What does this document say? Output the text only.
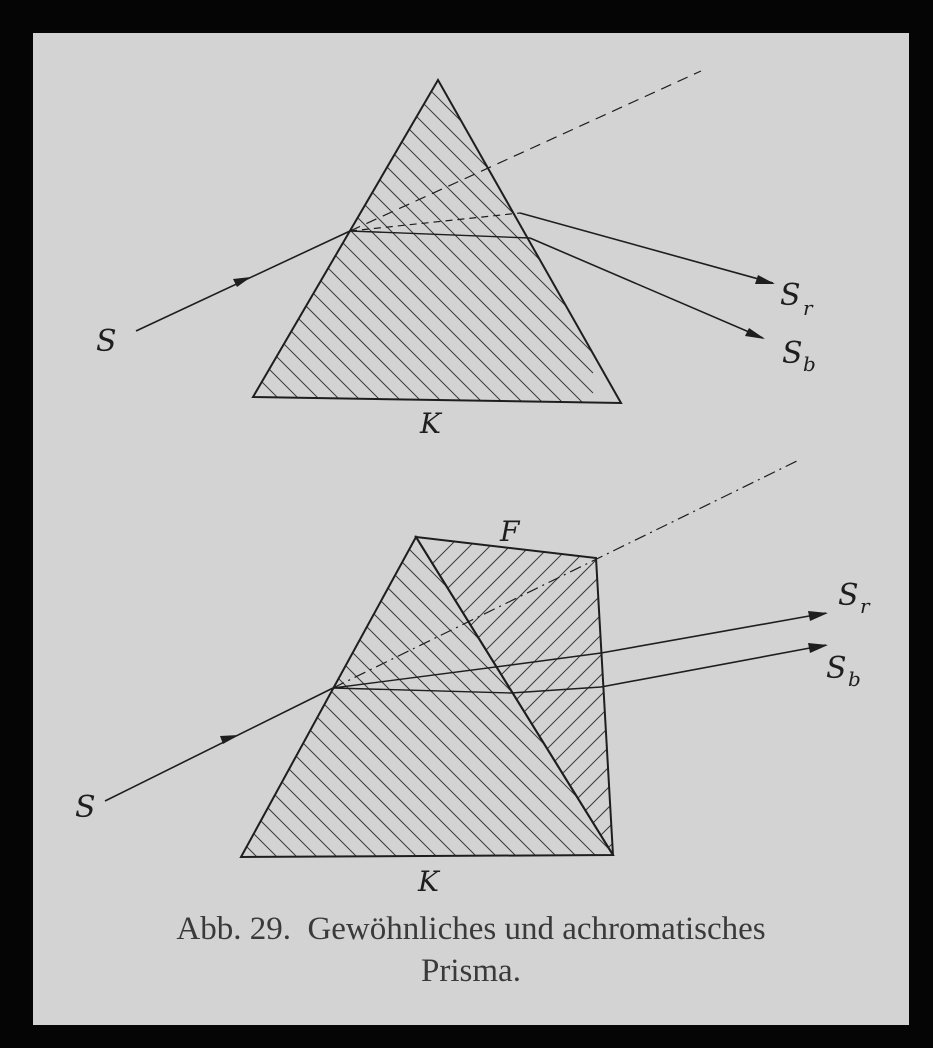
S
K
S r
S b
S
K
F
S r
S b
Abb. 29.  Gewöhnliches und achromatisches
Prisma.
